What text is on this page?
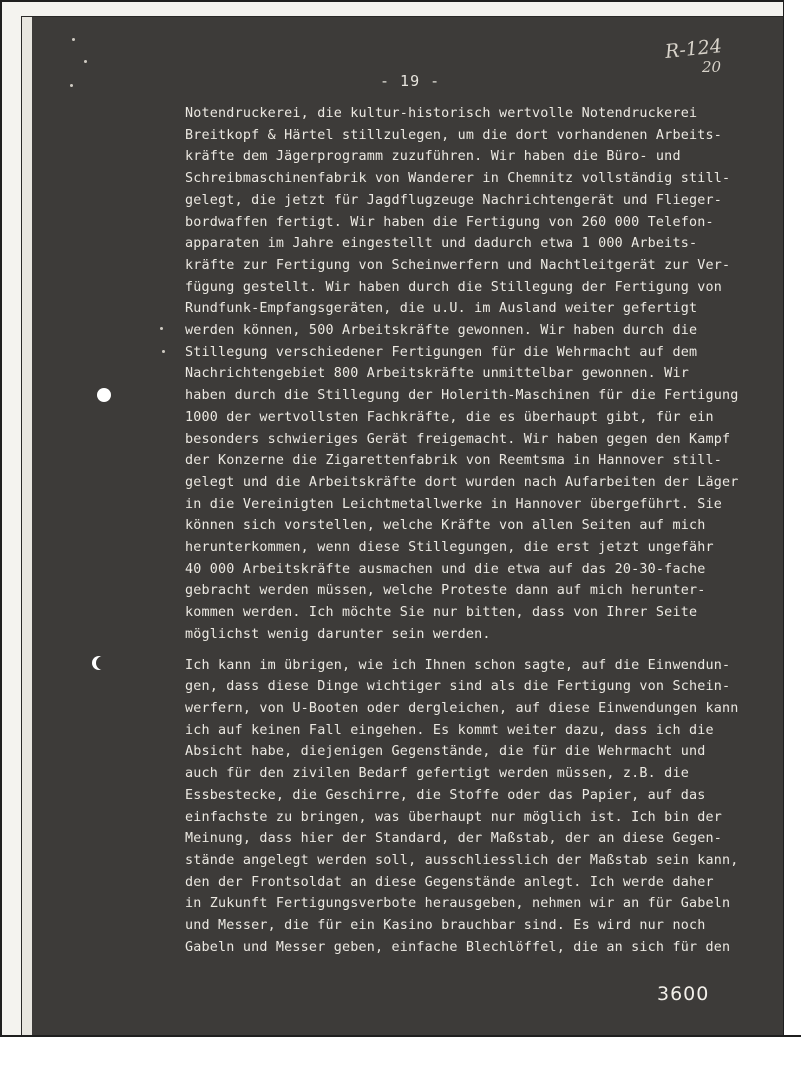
R-124
20
- 19 -
Notendruckerei, die kultur-historisch wertvolle Notendruckerei
Breitkopf & Härtel stillzulegen, um die dort vorhandenen Arbeits-
kräfte dem Jägerprogramm zuzuführen. Wir haben die Büro- und
Schreibmaschinenfabrik von Wanderer in Chemnitz vollständig still-
gelegt, die jetzt für Jagdflugzeuge Nachrichtengerät und Flieger-
bordwaffen fertigt. Wir haben die Fertigung von 260 000 Telefon-
apparaten im Jahre eingestellt und dadurch etwa 1 000 Arbeits-
kräfte zur Fertigung von Scheinwerfern und Nachtleitgerät zur Ver-
fügung gestellt. Wir haben durch die Stillegung der Fertigung von
Rundfunk-Empfangsgeräten, die u.U. im Ausland weiter gefertigt
werden können, 500 Arbeitskräfte gewonnen. Wir haben durch die
Stillegung verschiedener Fertigungen für die Wehrmacht auf dem
Nachrichtengebiet 800 Arbeitskräfte unmittelbar gewonnen. Wir
haben durch die Stillegung der Holerith-Maschinen für die Fertigung
1000 der wertvollsten Fachkräfte, die es überhaupt gibt, für ein
besonders schwieriges Gerät freigemacht. Wir haben gegen den Kampf
der Konzerne die Zigarettenfabrik von Reemtsma in Hannover still-
gelegt und die Arbeitskräfte dort wurden nach Aufarbeiten der Läger
in die Vereinigten Leichtmetallwerke in Hannover übergeführt. Sie
können sich vorstellen, welche Kräfte von allen Seiten auf mich
herunterkommen, wenn diese Stillegungen, die erst jetzt ungefähr
40 000 Arbeitskräfte ausmachen und die etwa auf das 20-30-fache
gebracht werden müssen, welche Proteste dann auf mich herunter-
kommen werden. Ich möchte Sie nur bitten, dass von Ihrer Seite
möglichst wenig darunter sein werden.
Ich kann im übrigen, wie ich Ihnen schon sagte, auf die Einwendun-
gen, dass diese Dinge wichtiger sind als die Fertigung von Schein-
werfern, von U-Booten oder dergleichen, auf diese Einwendungen kann
ich auf keinen Fall eingehen. Es kommt weiter dazu, dass ich die
Absicht habe, diejenigen Gegenstände, die für die Wehrmacht und
auch für den zivilen Bedarf gefertigt werden müssen, z.B. die
Essbestecke, die Geschirre, die Stoffe oder das Papier, auf das
einfachste zu bringen, was überhaupt nur möglich ist. Ich bin der
Meinung, dass hier der Standard, der Maßstab, der an diese Gegen-
stände angelegt werden soll, ausschliesslich der Maßstab sein kann,
den der Frontsoldat an diese Gegenstände anlegt. Ich werde daher
in Zukunft Fertigungsverbote herausgeben, nehmen wir an für Gabeln
und Messer, die für ein Kasino brauchbar sind. Es wird nur noch
Gabeln und Messer geben, einfache Blechlöffel, die an sich für den
3600
